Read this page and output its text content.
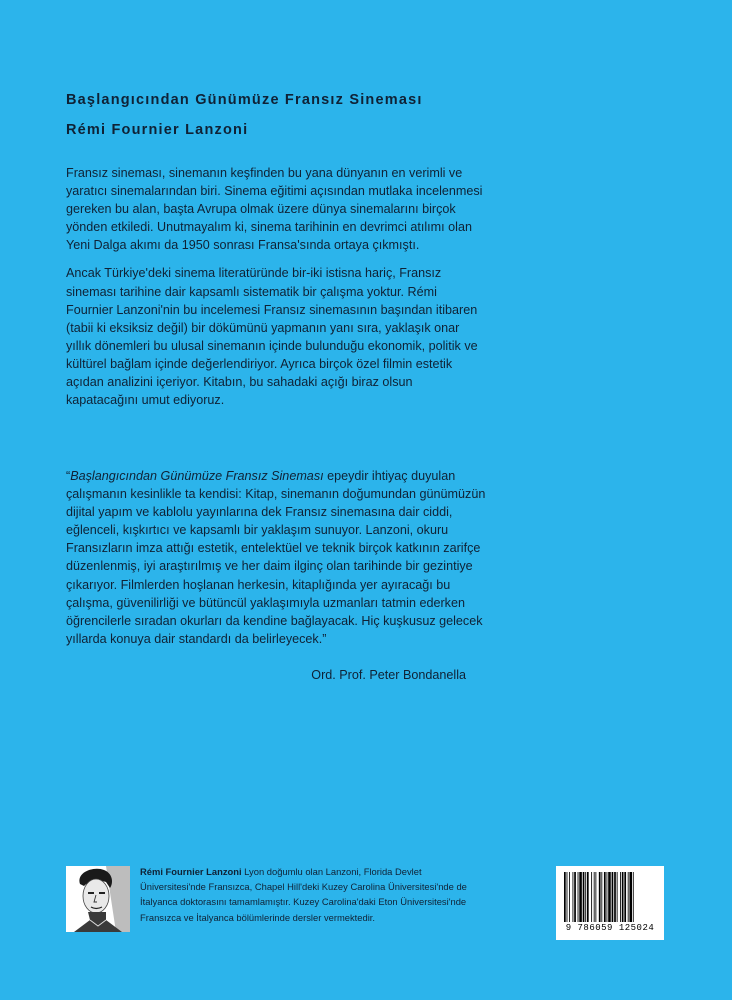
Başlangıcından Günümüze Fransız Sineması
Rémi Fournier Lanzoni

Fransız sineması, sinemanın keşfinden bu yana dünyanın en verimli ve yaratıcı sinemalarından biri. Sinema eğitimi açısından mutlaka incelenmesi gereken bu alan, başta Avrupa olmak üzere dünya sinemalarını birçok yönden etkiledi. Unutmayalım ki, sinema tarihinin en devrimci atılımı olan Yeni Dalga akımı da 1950 sonrası Fransa'sında ortaya çıkmıştı.

Ancak Türkiye'deki sinema literatüründe bir-iki istisna hariç, Fransız sineması tarihine dair kapsamlı sistematik bir çalışma yoktur. Rémi Fournier Lanzoni'nin bu incelemesi Fransız sinemasının başından itibaren (tabii ki eksiksiz değil) bir dökümünü yapmanın yanı sıra, yaklaşık onar yıllık dönemleri bu ulusal sinemanın içinde bulunduğu ekonomik, politik ve kültürel bağlam içinde değerlendiriyor. Ayrıca birçok özel filmin estetik açıdan analizini içeriyor. Kitabın, bu sahadaki açığı biraz olsun kapatacağını umut ediyoruz.

“Başlangıcından Günümüze Fransız Sineması epeydir ihtiyaç duyulan çalışmanın kesinlikle ta kendisi: Kitap, sinemanın doğumundan günümüzün dijital yapım ve kablolu yayınlarına dek Fransız sinemasına dair ciddi, eğlenceli, kışkırtıcı ve kapsamlı bir yaklaşım sunuyor. Lanzoni, okuru Fransızların imza attığı estetik, entelektüel ve teknik birçok katkının zarifçe düzenlenmiş, iyi araştırılmış ve her daim ilginç olan tarihinde bir gezintiye çıkarıyor. Filmlerden hoşlanan herkesin, kitaplığında yer ayıracağı bu çalışma, güvenilirliği ve bütüncül yaklaşımıyla uzmanları tatmin ederken öğrencilerle sıradan okurları da kendine bağlayacak. Hiç kuşkusuz gelecek yıllarda konuya dair standardı da belirleyecek.”

Ord. Prof. Peter Bondanella
Rémi Fournier Lanzoni Lyon doğumlu olan Lanzoni, Florida Devlet Üniversitesi'nde Fransızca, Chapel Hill'deki Kuzey Carolina Üniversitesi'nde de İtalyanca doktorasını tamamlamıştır. Kuzey Carolina'daki Eton Üniversitesi'nde Fransızca ve İtalyanca bölümlerinde dersler vermektedir.
9 786059 125024
